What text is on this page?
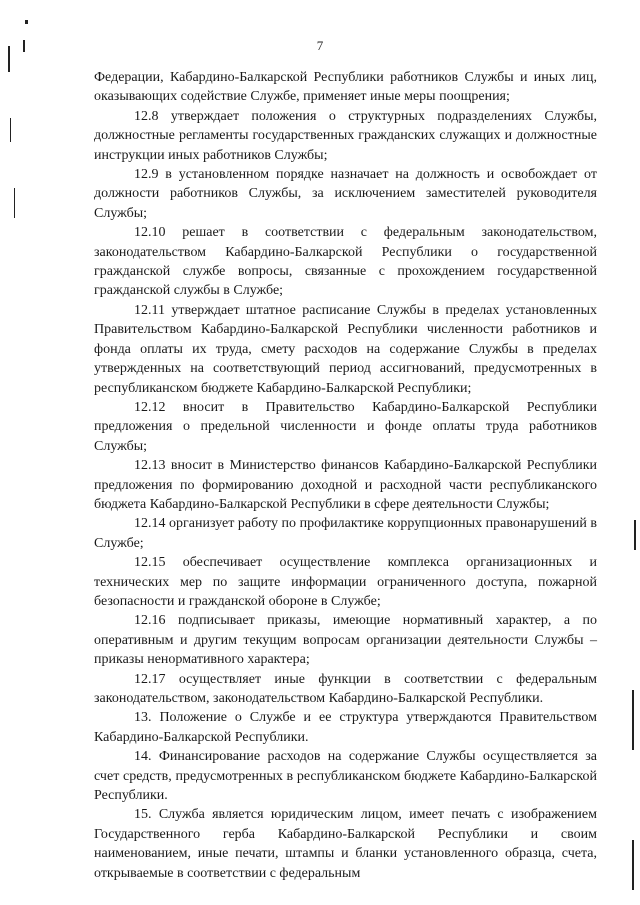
7

Федерации, Кабардино-Балкарской Республики работников Службы и иных лиц, оказывающих содействие Службе, применяет иные меры поощрения;

12.8 утверждает положения о структурных подразделениях Службы, должностные регламенты государственных гражданских служащих и должностные инструкции иных работников Службы;

12.9 в установленном порядке назначает на должность и освобождает от должности работников Службы, за исключением заместителей руководителя Службы;

12.10 решает в соответствии с федеральным законодательством, законодательством Кабардино-Балкарской Республики о государственной гражданской службе вопросы, связанные с прохождением государственной гражданской службы в Службе;

12.11 утверждает штатное расписание Службы в пределах установленных Правительством Кабардино-Балкарской Республики численности работников и фонда оплаты их труда, смету расходов на содержание Службы в пределах утвержденных на соответствующий период ассигнований, предусмотренных в республиканском бюджете Кабардино-Балкарской Республики;

12.12 вносит в Правительство Кабардино-Балкарской Республики предложения о предельной численности и фонде оплаты труда работников Службы;

12.13 вносит в Министерство финансов Кабардино-Балкарской Республики предложения по формированию доходной и расходной части республиканского бюджета Кабардино-Балкарской Республики в сфере деятельности Службы;

12.14 организует работу по профилактике коррупционных правонарушений в Службе;

12.15 обеспечивает осуществление комплекса организационных и технических мер по защите информации ограниченного доступа, пожарной безопасности и гражданской обороне в Службе;

12.16 подписывает приказы, имеющие нормативный характер, а по оперативным и другим текущим вопросам организации деятельности Службы – приказы ненормативного характера;

12.17 осуществляет иные функции в соответствии с федеральным законодательством, законодательством Кабардино-Балкарской Республики.

13. Положение о Службе и ее структура утверждаются Правительством Кабардино-Балкарской Республики.

14. Финансирование расходов на содержание Службы осуществляется за счет средств, предусмотренных в республиканском бюджете Кабардино-Балкарской Республики.

15. Служба является юридическим лицом, имеет печать с изображением Государственного герба Кабардино-Балкарской Республики и своим наименованием, иные печати, штампы и бланки установленного образца, счета, открываемые в соответствии с федеральным
